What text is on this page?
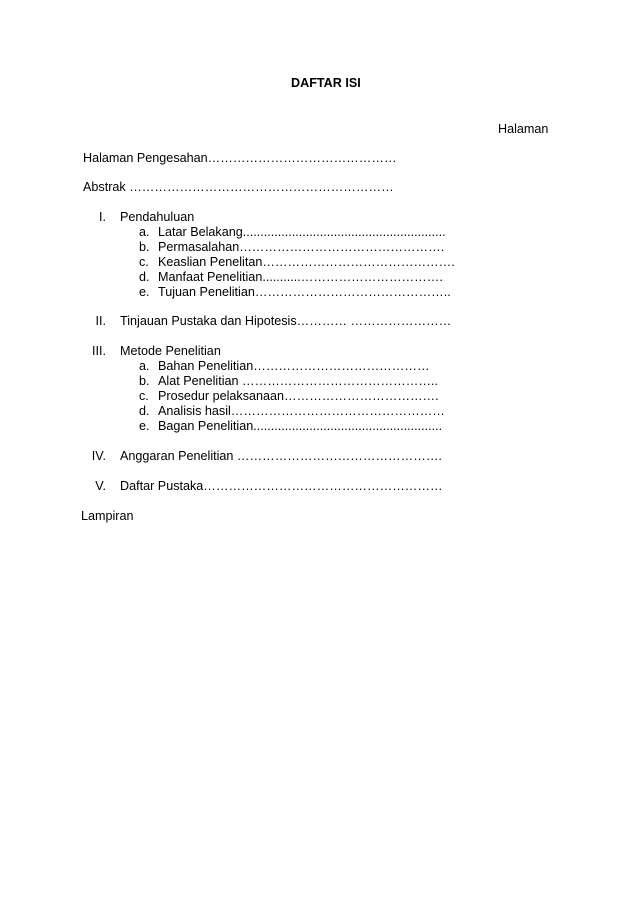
DAFTAR ISI
Halaman
Halaman Pengesahan………………………………………
Abstrak ………………………………………………………
I. Pendahuluan
a. Latar Belakang..........................................................
b. Permasalahan………………………………………….
c. Keaslian Penelitan……………………………………….
d. Manfaat Penelitian...........…………………………….
e. Tujuan Penelitian………………………………………..
II. Tinjauan Pustaka dan Hipotesis………… ……………………
III. Metode Penelitian
a. Bahan Penelitian……………………………………
b. Alat Penelitian ………………………………………..
c. Prosedur pelaksanaan……………………………….
d. Analisis hasil……………………………………………
e. Bagan Penelitian......................................................
IV. Anggaran Penelitian ………………………………………….
V. Daftar Pustaka…………………………………………………
Lampiran
